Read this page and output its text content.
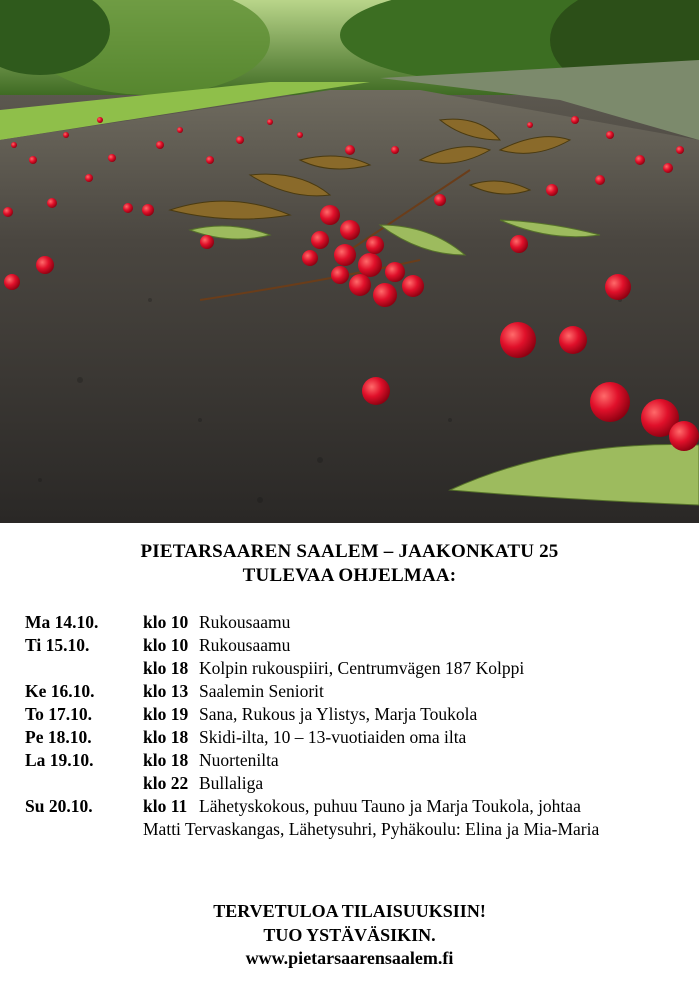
PIETARSAAREN SAALEM – JAAKONKATU 25
TULEVAA OHJELMAA:
Ma 14.10.	klo 10 Rukousaamu
Ti 15.10.	klo 10 Rukousaamu
klo 18 Kolpin rukouspiiri, Centrumvägen 187 Kolppi
Ke 16.10.	klo 13 Saalemin Seniorit
To 17.10.	klo 19 Sana, Rukous ja Ylistys, Marja Toukola
Pe 18.10.	klo 18 Skidi-ilta, 10 – 13-vuotiaiden oma ilta
La 19.10.	klo 18 Nuortenilta
klo 22 Bullaliga
Su 20.10.	klo 11 Lähetyskokous, puhuu Tauno ja Marja Toukola, johtaa
Matti Tervaskangas, Lähetysuhri, Pyhäkoulu: Elina ja Mia-Maria
TERVETULOA TILAISUUKSIIN!
TUO YSTÄVÄSIKIN.
www.pietarsaarensaalem.fi
